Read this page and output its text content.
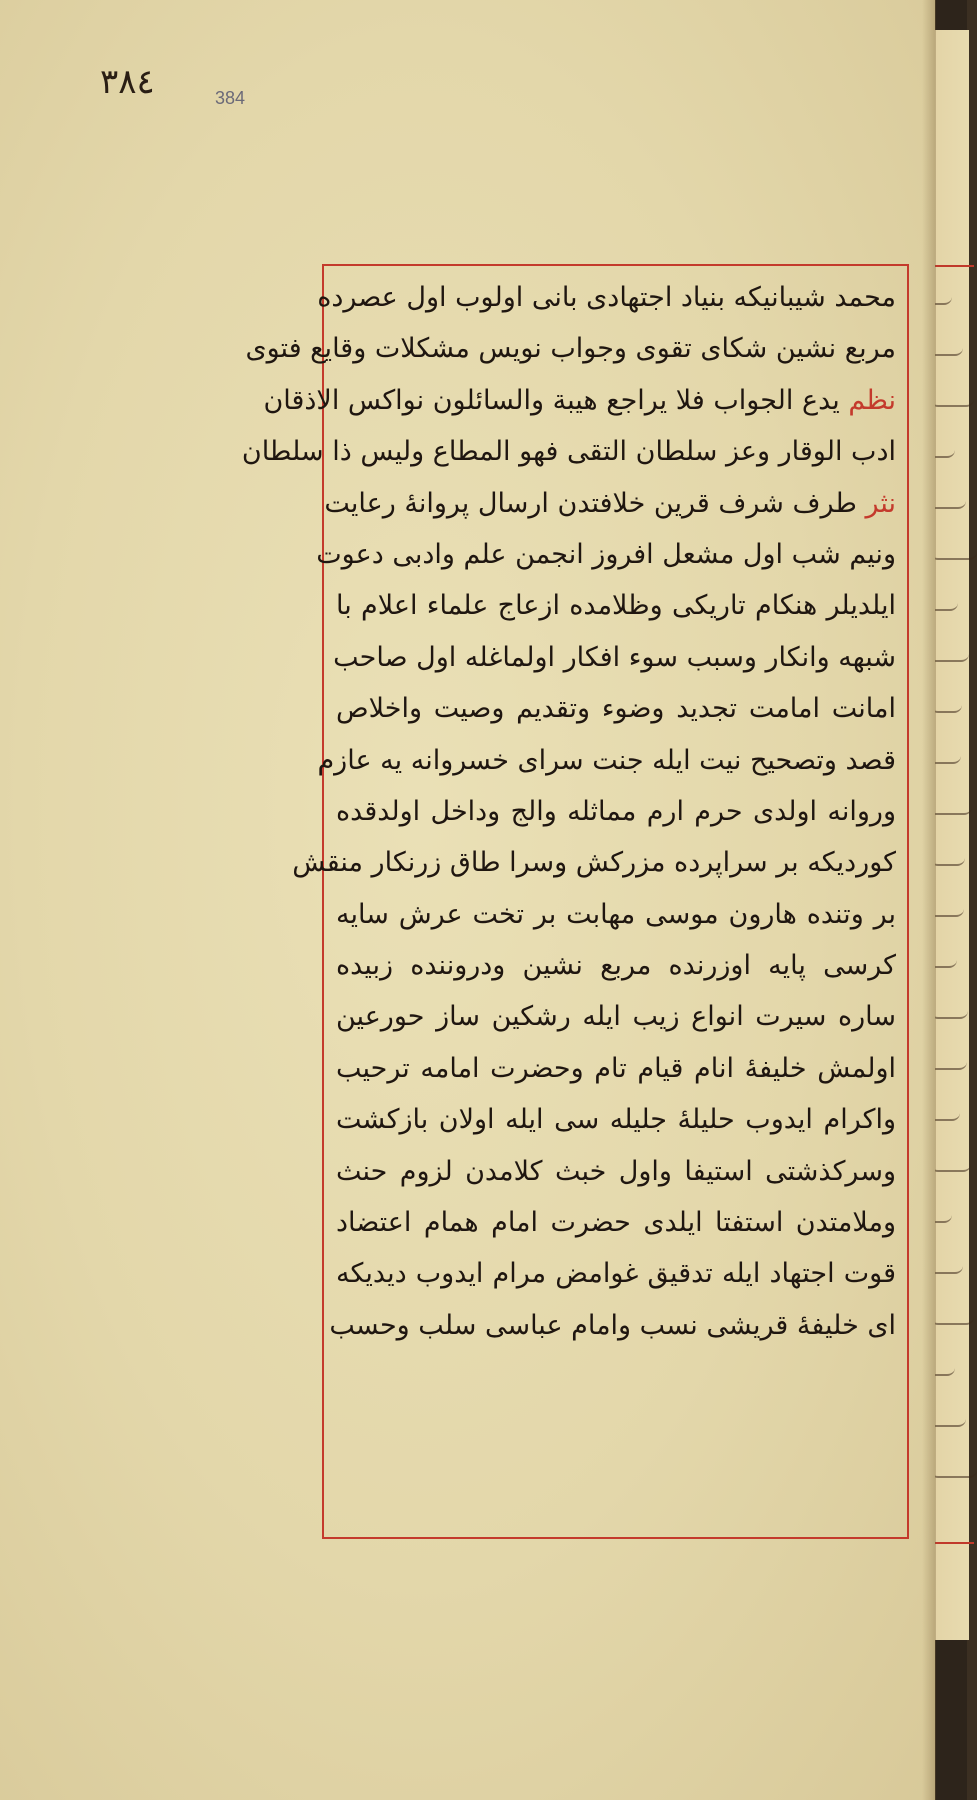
٣٨٤	384
محمد شیبانیکه بنیاد اجتهادی بانی اولوب اول عصرده
مربع نشین شکای تقوی وجواب نویس مشکلات وقایع فتوی
نظم یدع الجواب فلا یراجع هیبة والسائلون نواکس الاذقان
ادب الوقار وعز سلطان التقی فهو المطاع ولیس ذا سلطان
نثر طرف شرف قرین خلافتدن ارسال پروانهٔ رعایت
ونیم شب اول مشعل افروز انجمن علم وادبی دعوت
ایلدیلر هنکام تاریکی وظلامده ازعاج علماء اعلام با
شبهه وانکار وسبب سوء افکار اولماغله اول صاحب
امانت امامت تجدید وضوء وتقدیم وصیت واخلاص
قصد وتصحیح نیت ایله جنت سرای خسروانه یه عازم
وروانه اولدی حرم ارم مماثله والج وداخل اولدقده
کوردیکه بر سراپرده مزرکش وسرا طاق زرنکار منقش
بر وتنده هارون موسی مهابت بر تخت عرش سایه
کرسی پایه اوزرنده مربع نشین ودروننده زبیده
ساره سیرت انواع زیب ایله رشکین ساز حورعین
اولمش خلیفهٔ انام قیام تام وحضرت امامه ترحیب
واکرام ایدوب حلیلهٔ جلیله سی ایله اولان بازکشت
وسرکذشتی استیفا واول خبث کلامدن لزوم حنث
وملامتدن استفتا ایلدی حضرت امام همام اعتضاد
قوت اجتهاد ایله تدقیق غوامض مرام ایدوب دیدیکه
ای خلیفهٔ قریشی نسب وامام عباسی سلب وحسب
